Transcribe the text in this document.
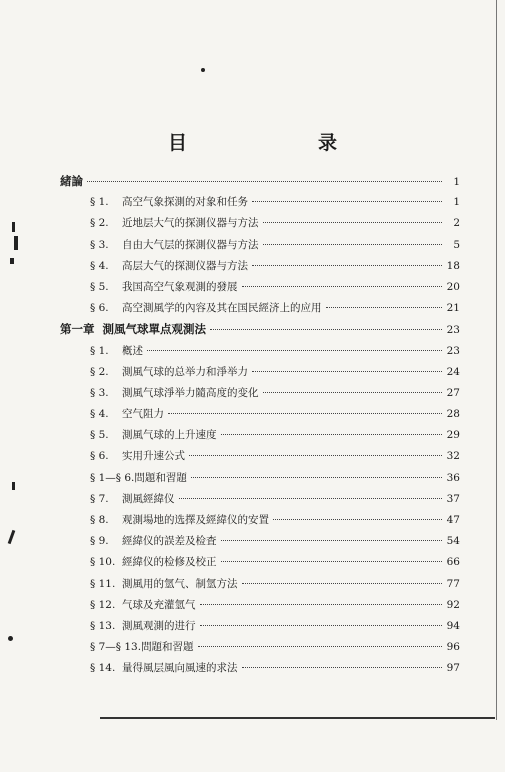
目　录
緒論	1
§ 1.	高空气象探測的对象和任务	1
§ 2.	近地层大气的探測仪器与方法	2
§ 3.	自由大气层的探測仪器与方法	5
§ 4.	高层大气的探測仪器与方法	18
§ 5.	我国高空气象观測的發展	20
§ 6.	高空測風学的內容及其在国民經济上的应用	21
第一章 測風气球單点观測法	23
§ 1.	槪述	23
§ 2.	測風气球的总举力和淨举力	24
§ 3.	測風气球淨举力隨高度的变化	27
§ 4.	空气阻力	28
§ 5.	測風气球的上升速度	29
§ 6.	实用升速公式	32
§ 1—§ 6. 問題和習題	36
§ 7.	測風經緯仪	37
§ 8.	观測場地的选擇及經緯仪的安置	47
§ 9.	經緯仪的誤差及检査	54
§ 10. 經緯仪的检修及校正	66
§ 11. 測風用的氫气、制氫方法	77
§ 12. 气球及充灌氫气	92
§ 13. 測風观測的进行	94
§ 7—§ 13. 問題和習題	96
§ 14. 量得風层風向風速的求法	97
